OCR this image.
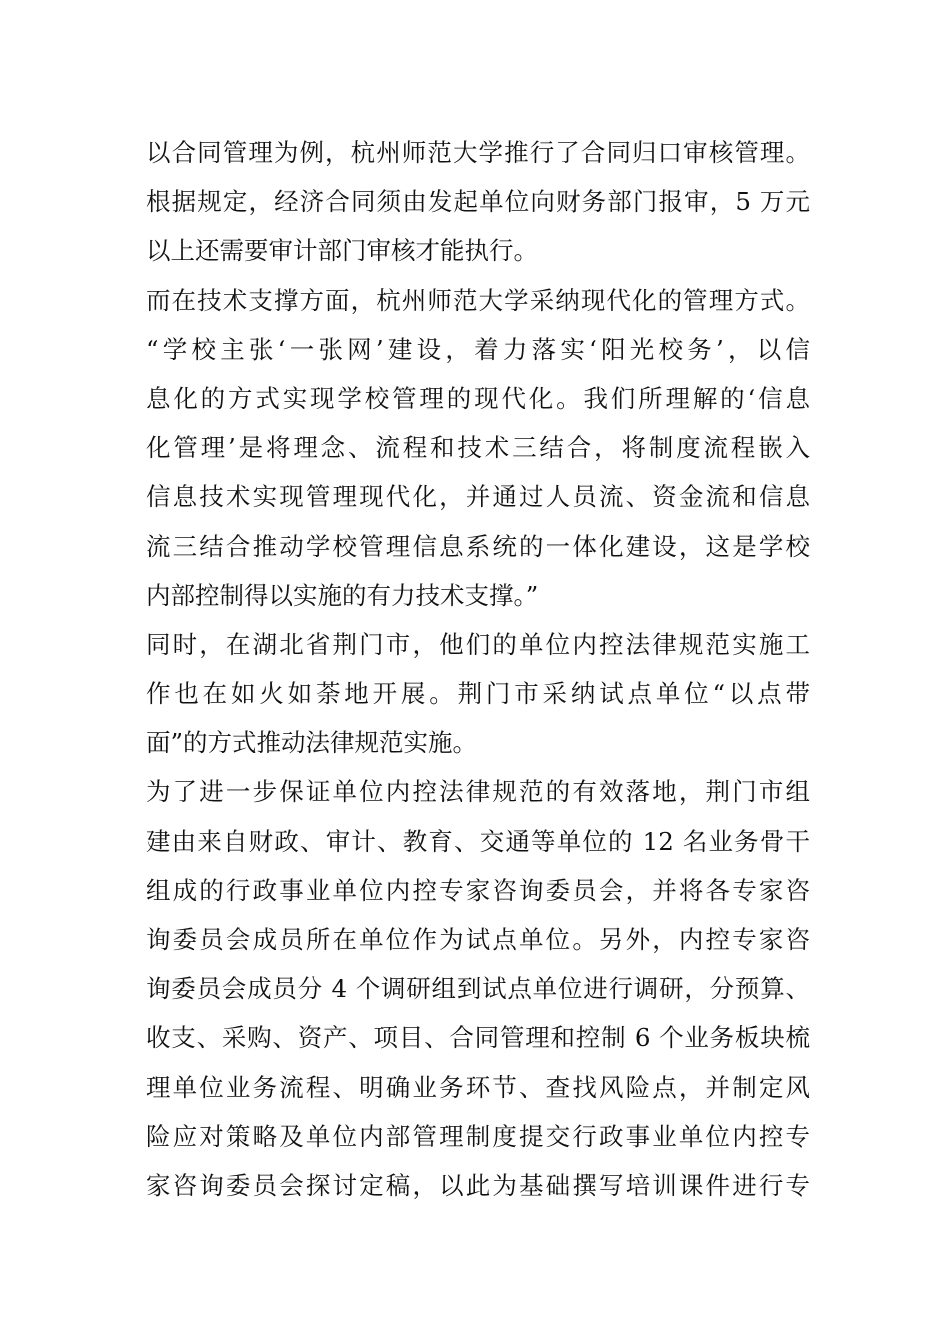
以合同管理为例，杭州师范大学推行了合同归口审核管理。
根据规定，经济合同须由发起单位向财务部门报审，5 万元
以上还需要审计部门审核才能执行。
而在技术支撑方面，杭州师范大学采纳现代化的管理方式。
“学校主张‘一张网’建设，着力落实‘阳光校务’，以信
息化的方式实现学校管理的现代化。我们所理解的‘信息
化管理’是将理念、流程和技术三结合，将制度流程嵌入
信息技术实现管理现代化，并通过人员流、资金流和信息
流三结合推动学校管理信息系统的一体化建设，这是学校
内部控制得以实施的有力技术支撑。”
同时，在湖北省荆门市，他们的单位内控法律规范实施工
作也在如火如荼地开展。荆门市采纳试点单位“以点带
面”的方式推动法律规范实施。
为了进一步保证单位内控法律规范的有效落地，荆门市组
建由来自财政、审计、教育、交通等单位的 12 名业务骨干
组成的行政事业单位内控专家咨询委员会，并将各专家咨
询委员会成员所在单位作为试点单位。另外，内控专家咨
询委员会成员分 4 个调研组到试点单位进行调研，分预算、
收支、采购、资产、项目、合同管理和控制 6 个业务板块梳
理单位业务流程、明确业务环节、查找风险点，并制定风
险应对策略及单位内部管理制度提交行政事业单位内控专
家咨询委员会探讨定稿，以此为基础撰写培训课件进行专
